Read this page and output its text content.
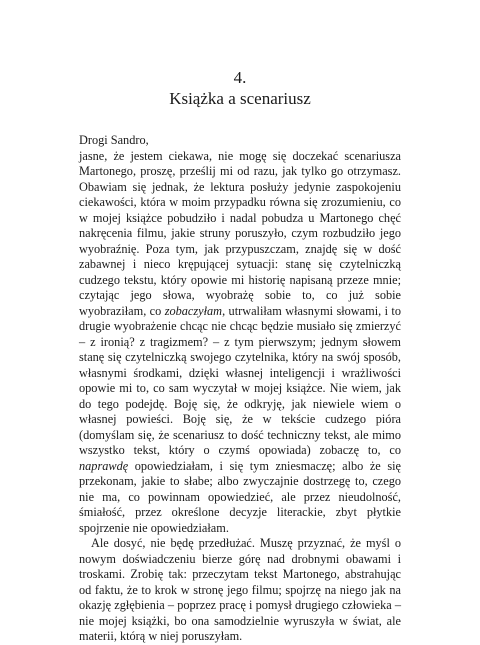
4.
Książka a scenariusz

Drogi Sandro,

jasne, że jestem ciekawa, nie mogę się doczekać scenariusza Martonego, proszę, prześlij mi od razu, jak tylko go otrzymasz. Obawiam się jednak, że lektura posłuży jedynie zaspokojeniu ciekawości, która w moim przypadku równa się zrozumieniu, co w mojej książce pobudziło i nadal pobudza u Martonego chęć nakręcenia filmu, jakie struny poruszyło, czym rozbudziło jego wyobraźnię. Poza tym, jak przypuszczam, znajdę się w dość zabawnej i nieco krępującej sytuacji: stanę się czytelniczką cudzego tekstu, który opowie mi historię napisaną przeze mnie; czytając jego słowa, wyobrażę sobie to, co już sobie wyobraziłam, co zobaczyłam, utrwaliłam własnymi słowami, i to drugie wyobrażenie chcąc nie chcąc będzie musiało się zmierzyć – z ironią? z tragizmem? – z tym pierwszym; jednym słowem stanę się czytelniczką swojego czytelnika, który na swój sposób, własnymi środkami, dzięki własnej inteligencji i wrażliwości opowie mi to, co sam wyczytał w mojej książce. Nie wiem, jak do tego podejdę. Boję się, że odkryję, jak niewiele wiem o własnej powieści. Boję się, że w tekście cudzego pióra (domyślam się, że scenariusz to dość techniczny tekst, ale mimo wszystko tekst, który o czymś opowiada) zobaczę to, co naprawdę opowiedziałam, i się tym zniesmaczę; albo że się przekonam, jakie to słabe; albo zwyczajnie dostrzegę to, czego nie ma, co powinnam opowiedzieć, ale przez nieudolność, śmiałość, przez określone decyzje literackie, zbyt płytkie spojrzenie nie opowiedziałam.

Ale dosyć, nie będę przedłużać. Muszę przyznać, że myśl o nowym doświadczeniu bierze górę nad drobnymi obawami i troskami. Zrobię tak: przeczytam tekst Martonego, abstrahując od faktu, że to krok w stronę jego filmu; spojrzę na niego jak na okazję zgłębienia – poprzez pracę i pomysł drugiego człowieka – nie mojej książki, bo ona samodzielnie wyruszyła w świat, ale materii, którą w niej poruszyłam.
